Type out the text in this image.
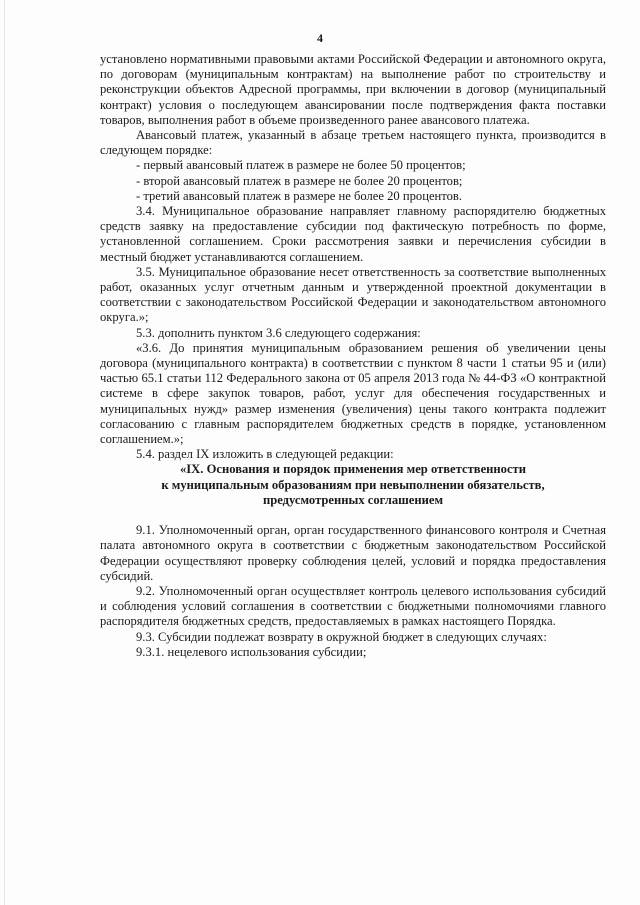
4

установлено нормативными правовыми актами Российской Федерации и автономного округа, по договорам (муниципальным контрактам) на выполнение работ по строительству и реконструкции объектов Адресной программы, при включении в договор (муниципальный контракт) условия о последующем авансировании после подтверждения факта поставки товаров, выполнения работ в объеме произведенного ранее авансового платежа.

Авансовый платеж, указанный в абзаце третьем настоящего пункта, производится в следующем порядке:

- первый авансовый платеж в размере не более 50 процентов;

- второй авансовый платеж в размере не более 20 процентов;

- третий авансовый платеж в размере не более 20 процентов.

3.4. Муниципальное образование направляет главному распорядителю бюджетных средств заявку на предоставление субсидии под фактическую потребность по форме, установленной соглашением. Сроки рассмотрения заявки и перечисления субсидии в местный бюджет устанавливаются соглашением.

3.5. Муниципальное образование несет ответственность за соответствие выполненных работ, оказанных услуг отчетным данным и утвержденной проектной документации в соответствии с законодательством Российской Федерации и законодательством автономного округа.»;

5.3. дополнить пунктом 3.6 следующего содержания:

«3.6. До принятия муниципальным образованием решения об увеличении цены договора (муниципального контракта) в соответствии с пунктом 8 части 1 статьи 95 и (или) частью 65.1 статьи 112 Федерального закона от 05 апреля 2013 года № 44-ФЗ «О контрактной системе в сфере закупок товаров, работ, услуг для обеспечения государственных и муниципальных нужд» размер изменения (увеличения) цены такого контракта подлежит согласованию с главным распорядителем бюджетных средств в порядке, установленном соглашением.»;

5.4. раздел IX изложить в следующей редакции:

«IX. Основания и порядок применения мер ответственности

к муниципальным образованиям при невыполнении обязательств,

предусмотренных соглашением

9.1. Уполномоченный орган, орган государственного финансового контроля и Счетная палата автономного округа в соответствии с бюджетным законодательством Российской Федерации осуществляют проверку соблюдения целей, условий и порядка предоставления субсидий.

9.2. Уполномоченный орган осуществляет контроль целевого использования субсидий и соблюдения условий соглашения в соответствии с бюджетными полномочиями главного распорядителя бюджетных средств, предоставляемых в рамках настоящего Порядка.

9.3. Субсидии подлежат возврату в окружной бюджет в следующих случаях:

9.3.1. нецелевого использования субсидии;
